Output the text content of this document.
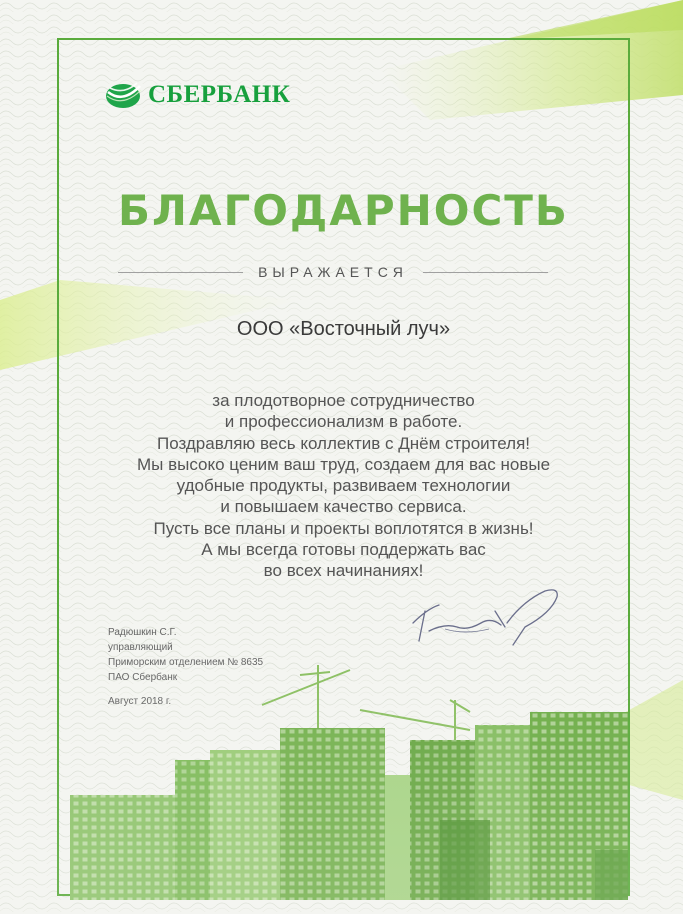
СБЕРБАНК
БЛАГОДАРНОСТЬ
ВЫРАЖАЕТСЯ
ООО «Восточный луч»
за плодотворное сотрудничество
и профессионализм в работе.
Поздравляю весь коллектив с Днём строителя!
Мы высоко ценим ваш труд, создаем для вас новые
удобные продукты, развиваем технологии
и повышаем качество сервиса.
Пусть все планы и проекты воплотятся в жизнь!
А мы всегда готовы поддержать вас
во всех начинаниях!
Радюшкин С.Г.
